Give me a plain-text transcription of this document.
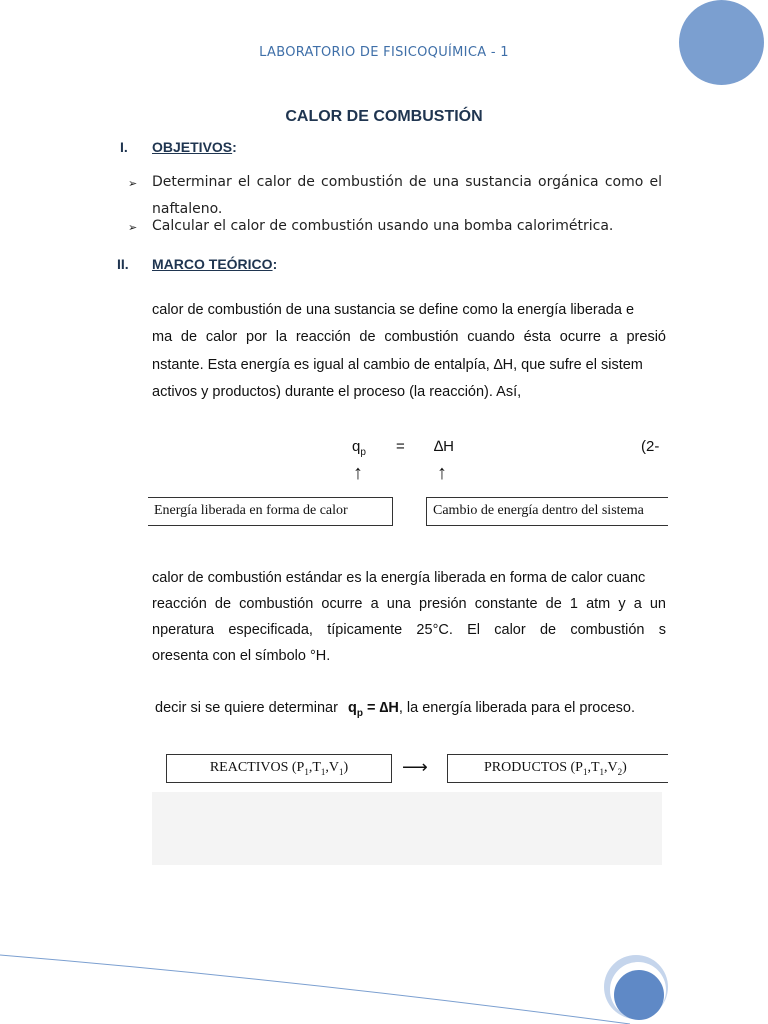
LABORATORIO DE FISICOQUÍMICA - 1
CALOR DE COMBUSTIÓN
I. OBJETIVOS:
➢ Determinar el calor de combustión de una sustancia orgánica como el
naftaleno.
➢ Calcular el calor de combustión usando una bomba calorimétrica.
II. MARCO TEÓRICO:
calor de combustión de una sustancia se define como la energía liberada e
ma de calor por la reacción de combustión cuando ésta ocurre a presió
nstante. Esta energía es igual al cambio de entalpía, ∆H, que sufre el sistem
activos y productos) durante el proceso (la reacción). Así,
$q_p = \Delta H$	(2-
↑	↑
Energía liberada en forma de calor	Cambio de energía dentro del sistema
calor de combustión estándar es la energía liberada en forma de calor cuanc
reacción de combustión ocurre a una presión constante de 1 atm y a un
nperatura especificada, típicamente 25°C. El calor de combustión s
oresenta con el símbolo °H.
decir si se quiere determinar $q_p = \Delta H$, la energía liberada para el proceso.
REACTIVOS $(P_1,T_1,V_1)$	⟶	PRODUCTOS $(P_1,T_1,V_2)$
